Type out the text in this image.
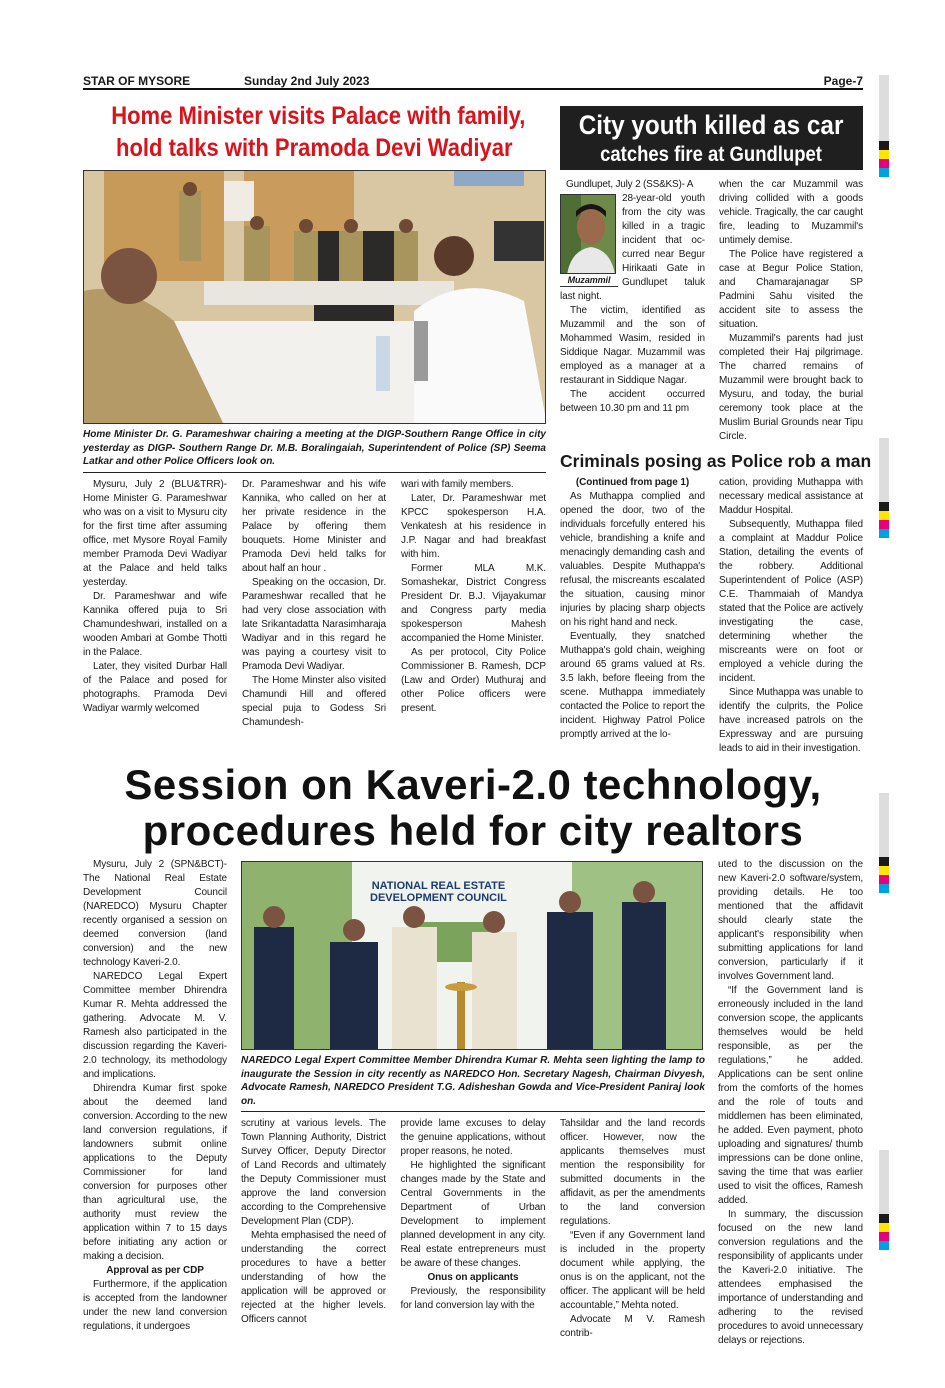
STAR OF MYSORE	Sunday 2nd July 2023	Page-7
Home Minister visits Palace with family,
hold talks with Pramoda Devi Wadiyar
Home Minister Dr. G. Parameshwar chairing a meeting at the DIGP-Southern Range Office in city yesterday as DIGP- Southern Range Dr. M.B. Boralingaiah, Superintendent of Police (SP) Seema Latkar and other Police Officers look on.

Mysuru, July 2 (BLU&TRR)- Home Minister G. Parameshwar who was on a visit to Mysuru city for the first time after assuming office, met Mysore Royal Family member Pramoda Devi Wadiyar at the Palace and held talks yesterday.

Dr. Parameshwar and wife Kannika offered puja to Sri Chamundeshwari, installed on a wooden Ambari at Gombe Thotti in the Palace.

Later, they visited Durbar Hall of the Palace and posed for photographs. Pramoda Devi Wadiyar warmly welcomed

Dr. Parameshwar and his wife Kannika, who called on her at her private residence in the Palace by offering them bouquets. Home Minister and Pramoda Devi held talks for about half an hour .

Speaking on the occasion, Dr. Parameshwar recalled that he had very close association with late Srikantadatta Narasimharaja Wadiyar and in this regard he was paying a courtesy visit to Pramoda Devi Wadiyar.

The Home Minster also visited Chamundi Hill and offered special puja to Godess Sri Chamundesh-

wari with family members.

Later, Dr. Parameshwar met KPCC spokesperson H.A. Venkatesh at his residence in J.P. Nagar and had breakfast with him.

Former MLA M.K. Somashekar, District Congress President Dr. B.J. Vijayakumar and Congress party media spokesperson Mahesh accompanied the Home Minister.

As per protocol, City Police Commissioner B. Ramesh, DCP (Law and Order) Muthuraj and other Police officers were present.

City youth killed as car
catches fire at Gundlupet
Gundlupet, July 2 (SS&KS)- A
Muzammil
28-year-old youth
from the city was
killed in a tragic
incident that oc-
curred near Begur
Hirikaati Gate in
Gundlupet taluk

last night.

The victim, identified as Muzammil and the son of Mohammed Wasim, resided in Siddique Nagar. Muzammil was employed as a manager at a restaurant in Siddique Nagar.

The accident occurred between 10.30 pm and 11 pm

when the car Muzammil was driving collided with a goods vehicle. Tragically, the car caught fire, leading to Muzammil's untimely demise.

The Police have registered a case at Begur Police Station, and Chamarajanagar SP Padmini Sahu visited the accident site to assess the situation.

Muzammil's parents had just completed their Haj pilgrimage. The charred remains of Muzammil were brought back to Mysuru, and today, the burial ceremony took place at the Muslim Burial Grounds near Tipu Circle.

Criminals posing as Police rob a man

(Continued from page 1)

As Muthappa complied and opened the door, two of the individuals forcefully entered his vehicle, brandishing a knife and menacingly demanding cash and valuables. Despite Muthappa's refusal, the miscreants escalated the situation, causing minor injuries by placing sharp objects on his right hand and neck.

Eventually, they snatched Muthappa's gold chain, weighing around 65 grams valued at Rs. 3.5 lakh, before fleeing from the scene. Muthappa immediately contacted the Police to report the incident. Highway Patrol Police promptly arrived at the lo-

cation, providing Muthappa with necessary medical assistance at Maddur Hospital.

Subsequently, Muthappa filed a complaint at Maddur Police Station, detailing the events of the robbery. Additional Superintendent of Police (ASP) C.E. Thammaiah of Mandya stated that the Police are actively investigating the case, determining whether the miscreants were on foot or employed a vehicle during the incident.

Since Muthappa was unable to identify the culprits, the Police have increased patrols on the Expressway and are pursuing leads to aid in their investigation.

Session on Kaveri-2.0 technology,
procedures held for city realtors

Mysuru, July 2 (SPN&BCT)- The National Real Estate Development Council (NAREDCO) Mysuru Chapter recently organised a session on deemed conversion (land conversion) and the new technology Kaveri-2.0.

NAREDCO Legal Expert Committee member Dhirendra Kumar R. Mehta addressed the gathering. Advocate M. V. Ramesh also participated in the discussion regarding the Kaveri-2.0 technology, its methodology and implications.

Dhirendra Kumar first spoke about the deemed land conversion. According to the new land conversion regulations, if landowners submit online applications to the Deputy Commissioner for land conversion for purposes other than agricultural use, the authority must review the application within 7 to 15 days before initiating any action or making a decision.

Approval as per CDP

Furthermore, if the application is accepted from the landowner under the new land conversion regulations, it undergoes

NATIONAL REAL ESTATE
DEVELOPMENT COUNCIL
NAREDCO Legal Expert Committee Member Dhirendra Kumar R. Mehta seen lighting the lamp to inaugurate the Session in city recently as NAREDCO Hon. Secretary Nagesh, Chairman Divyesh, Advocate Ramesh, NAREDCO President T.G. Adisheshan Gowda and Vice-President Paniraj look on.

scrutiny at various levels. The Town Planning Authority, District Survey Officer, Deputy Director of Land Records and ultimately the Deputy Commissioner must approve the land conversion according to the Comprehensive Development Plan (CDP).

Mehta emphasised the need of understanding the correct procedures to have a better understanding of how the application will be approved or rejected at the higher levels. Officers cannot

provide lame excuses to delay the genuine applications, without proper reasons, he noted.

He highlighted the significant changes made by the State and Central Governments in the Department of Urban Development to implement planned development in any city. Real estate entrepreneurs must be aware of these changes.

Onus on applicants

Previously, the responsibility for land conversion lay with the

Tahsildar and the land records officer. However, now the applicants themselves must mention the responsibility for submitted documents in the affidavit, as per the amendments to the land conversion regulations.

“Even if any Government land is included in the property document while applying, the onus is on the applicant, not the officer. The applicant will be held accountable,” Mehta noted.

Advocate M V. Ramesh contrib-

uted to the discussion on the new Kaveri-2.0 software/system, providing details. He too mentioned that the affidavit should clearly state the applicant's responsibility when submitting applications for land conversion, particularly if it involves Government land.

“If the Government land is erroneously included in the land conversion scope, the applicants themselves would be held responsible, as per the regulations,” he added. Applications can be sent online from the comforts of the homes and the role of touts and middlemen has been eliminated, he added. Even payment, photo uploading and signatures/ thumb impressions can be done online, saving the time that was earlier used to visit the offices, Ramesh added.

In summary, the discussion focused on the new land conversion regulations and the responsibility of applicants under the Kaveri-2.0 initiative. The attendees emphasised the importance of understanding and adhering to the revised procedures to avoid unnecessary delays or rejections.
